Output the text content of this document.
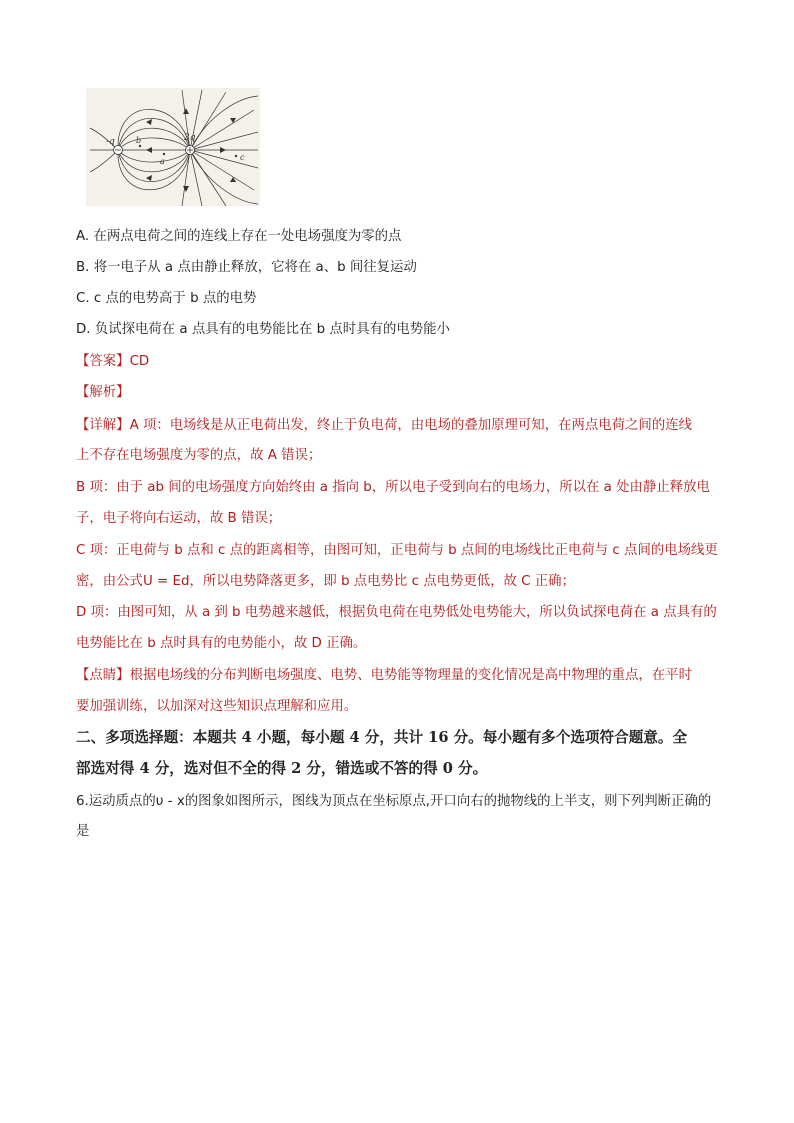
-q	2q
a
b
c
A. 在两点电荷之间的连线上存在一处电场强度为零的点
B. 将一电子从 a 点由静止释放，它将在 a、b 间往复运动
C. c 点的电势高于 b 点的电势
D. 负试探电荷在 a 点具有的电势能比在 b 点时具有的电势能小
【答案】CD
【解析】
【详解】A 项：电场线是从正电荷出发，终止于负电荷，由电场的叠加原理可知，在两点电荷之间的连线
上不存在电场强度为零的点，故 A 错误；
B 项：由于 ab 间的电场强度方向始终由 a 指向 b，所以电子受到向右的电场力，所以在 a 处由静止释放电
子，电子将向右运动，故 B 错误；
C 项：正电荷与 b 点和 c 点的距离相等，由图可知，正电荷与 b 点间的电场线比正电荷与 c 点间的电场线更
密，由公式U = Ed，所以电势降落更多，即 b 点电势比 c 点电势更低，故 C 正确；
D 项：由图可知，从 a 到 b 电势越来越低，根据负电荷在电势低处电势能大，所以负试探电荷在 a 点具有的
电势能比在 b 点时具有的电势能小，故 D 正确。
【点睛】根据电场线的分布判断电场强度、电势、电势能等物理量的变化情况是高中物理的重点，在平时
要加强训练，以加深对这些知识点理解和应用。
二、多项选择题：本题共 4 小题，每小题 4 分，共计 16 分。每小题有多个选项符合题意。全
部选对得 4 分，选对但不全的得 2 分，错选或不答的得 0 分。
6.运动质点的υ - x的图象如图所示，图线为顶点在坐标原点,开口向右的抛物线的上半支，则下列判断正确的
是
